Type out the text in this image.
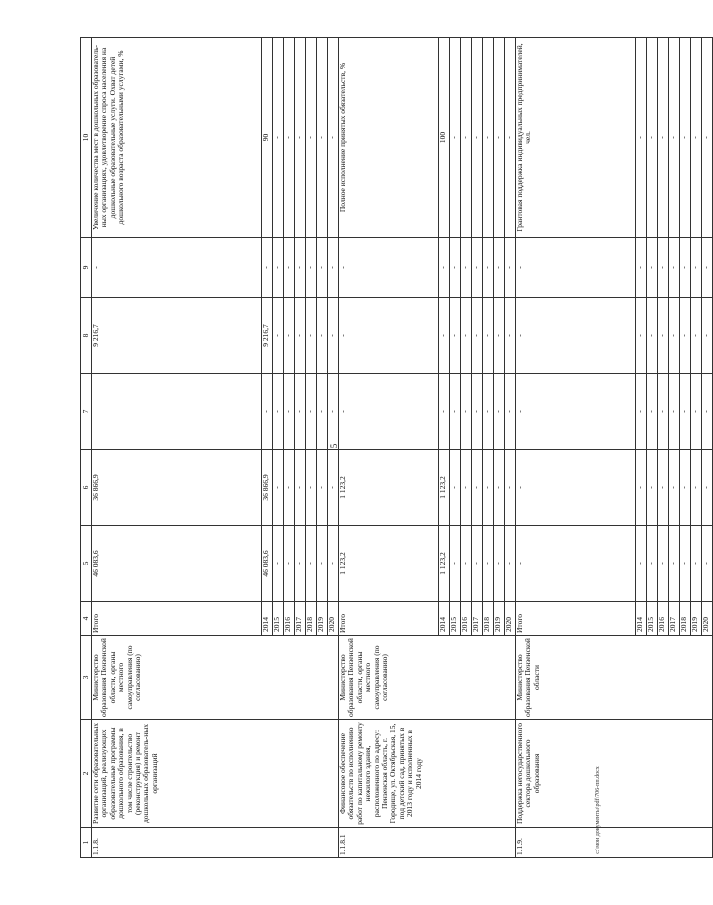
5
1	2	3	4	5	6	7	8	9	10
1.1.8.	Развитие сети образовательных организаций, реализующих образовательные программы дошкольного образования, в том числе строительство (реконструкция) и ремонт дошкольных образователь-ных организаций	Министерство образования Пензенской области, органы местного самоуправления (по согласованию)	Итого	46 083,6	36 866,9		9 216,7	-	Увеличение количества мест в дошкольных образователь-ных организациях, удовлетворение спроса населения на дошкольные образовательные услуги. Охват детей дошкольного возраста образовательными услугами, %
			2014	46 083,6	36 866,9	-	9 216,7	-	90
			2015	-	-	-	-	-	-
			2016	-	-	-	-	-	-
			2017	-	-	-	-	-	-
			2018	-	-	-	-	-	-
			2019	-	-	-	-	-	-
			2020	-	-	-	-	-	-
1.1.8.1	Финансовое обеспечение обязательств по исполнению работ по капитальному ремонту нежилого здания, расположенного по адресу: Пензенская область, г. Городище, ул. Октябрьская, 15, под детский сад, принятых в 2013 году и исполненных в 2014 году	Министерство образования Пензенской области, органы местного самоуправления (по согласованию)	Итого	1 123,2	1 123,2	-	-	-	Полное исполнение принятых обязательств, %
			2014	1 123,2	1 123,2	-	-	-	100
			2015	-	-	-	-	-	-
			2016	-	-	-	-	-	-
			2017	-	-	-	-	-	-
			2018	-	-	-	-	-	-
			2019	-	-	-	-	-	-
			2020	-	-	-	-	-	-
1.1.9.	Поддержка негосударственного сектора дошкольного образования	Министерство образования Пензенской области	Итого	-	-	-	-	-	Грантовая поддержка индивидуальных предпринимателей, чел.
			2014	-	-	-	-	-	-
			2015	-	-	-	-	-	-
			2016	-	-	-	-	-	-
			2017	-	-	-	-	-	-
			2018	-	-	-	-	-	-
			2019	-	-	-	-	-	-
			2020	-	-	-	-	-	-
c:\мои документы\pdf\706-пп.docx
